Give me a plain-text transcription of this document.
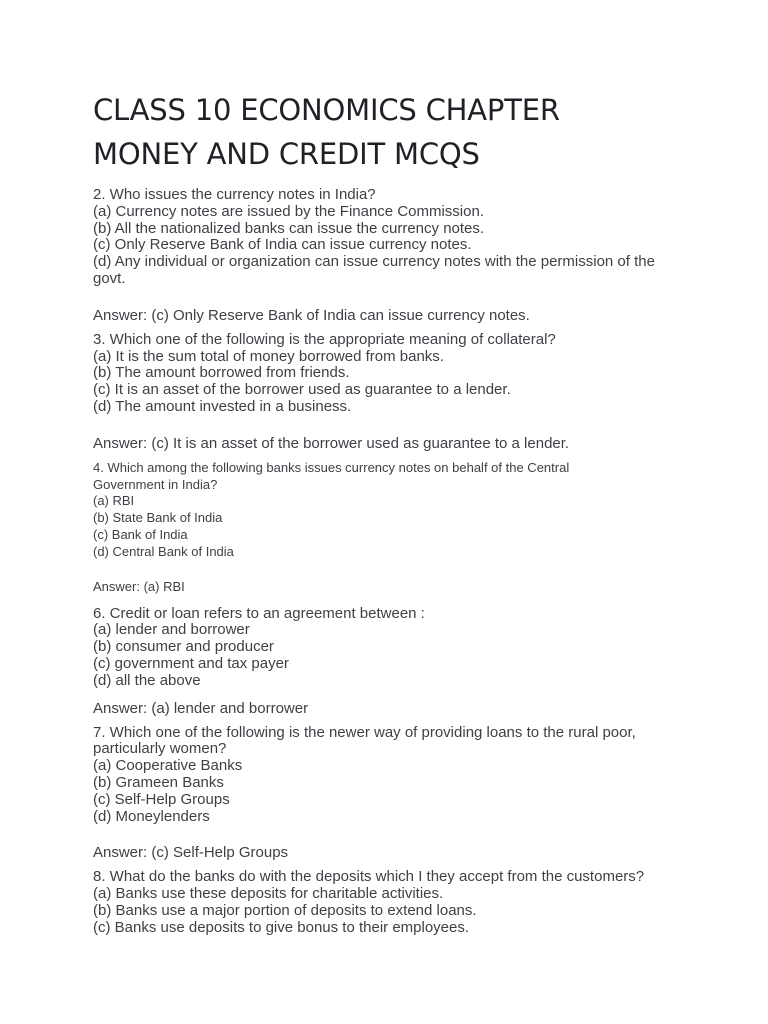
CLASS 10 ECONOMICS CHAPTER
MONEY AND CREDIT MCQS

2. Who issues the currency notes in India?

(a) Currency notes are issued by the Finance Commission.

(b) All the nationalized banks can issue the currency notes.

(c) Only Reserve Bank of India can issue currency notes.

(d) Any individual or organization can issue currency notes with the permission of the
govt.

Answer: (c) Only Reserve Bank of India can issue currency notes.

3. Which one of the following is the appropriate meaning of collateral?

(a) It is the sum total of money borrowed from banks.

(b) The amount borrowed from friends.

(c) It is an asset of the borrower used as guarantee to a lender.

(d) The amount invested in a business.

Answer: (c) It is an asset of the borrower used as guarantee to a lender.

4. Which among the following banks issues currency notes on behalf of the Central
Government in India?

(a) RBI

(b) State Bank of India

(c) Bank of India

(d) Central Bank of India

Answer: (a) RBI

6. Credit or loan refers to an agreement between :

(a) lender and borrower

(b) consumer and producer

(c) government and tax payer

(d) all the above

Answer: (a) lender and borrower

7. Which one of the following is the newer way of providing loans to the rural poor,
particularly women?

(a) Cooperative Banks

(b) Grameen Banks

(c) Self-Help Groups

(d) Moneylenders

Answer: (c) Self-Help Groups

8. What do the banks do with the deposits which I they accept from the customers?

(a) Banks use these deposits for charitable activities.

(b) Banks use a major portion of deposits to extend loans.

(c) Banks use deposits to give bonus to their employees.
